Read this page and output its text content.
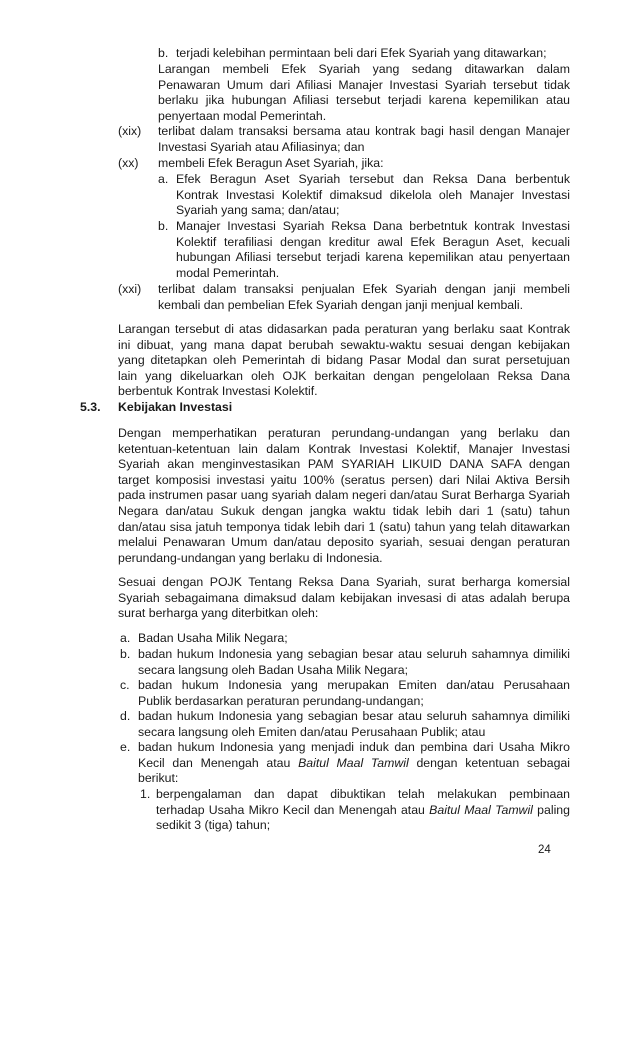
b. terjadi kelebihan permintaan beli dari Efek Syariah yang ditawarkan;
Larangan membeli Efek Syariah yang sedang ditawarkan dalam
Penawaran Umum dari Afiliasi Manajer Investasi Syariah tersebut tidak
berlaku jika hubungan Afiliasi tersebut terjadi karena kepemilikan atau
penyertaan modal Pemerintah.
(xix) terlibat dalam transaksi bersama atau kontrak bagi hasil dengan Manajer
Investasi Syariah atau Afiliasinya; dan
(xx) membeli Efek Beragun Aset Syariah, jika:
a. Efek Beragun Aset Syariah tersebut dan Reksa Dana berbentuk
Kontrak Investasi Kolektif dimaksud dikelola oleh Manajer Investasi
Syariah yang sama; dan/atau;
b. Manajer Investasi Syariah Reksa Dana berbetntuk kontrak Investasi
Kolektif terafiliasi dengan kreditur awal Efek Beragun Aset, kecuali
hubungan Afiliasi tersebut terjadi karena kepemilikan atau penyertaan
modal Pemerintah.
(xxi) terlibat dalam transaksi penjualan Efek Syariah dengan janji membeli
kembali dan pembelian Efek Syariah dengan janji menjual kembali.
Larangan tersebut di atas didasarkan pada peraturan yang berlaku saat Kontrak
ini dibuat, yang mana dapat berubah sewaktu-waktu sesuai dengan kebijakan
yang ditetapkan oleh Pemerintah di bidang Pasar Modal dan surat persetujuan
lain yang dikeluarkan oleh OJK berkaitan dengan pengelolaan Reksa Dana
berbentuk Kontrak Investasi Kolektif.
5.3. Kebijakan Investasi
Dengan memperhatikan peraturan perundang-undangan yang berlaku dan
ketentuan-ketentuan lain dalam Kontrak Investasi Kolektif, Manajer Investasi
Syariah akan menginvestasikan PAM SYARIAH LIKUID DANA SAFA dengan
target komposisi investasi yaitu 100% (seratus persen) dari Nilai Aktiva Bersih
pada instrumen pasar uang syariah dalam negeri dan/atau Surat Berharga Syariah
Negara dan/atau Sukuk dengan jangka waktu tidak lebih dari 1 (satu) tahun
dan/atau sisa jatuh temponya tidak lebih dari 1 (satu) tahun yang telah ditawarkan
melalui Penawaran Umum dan/atau deposito syariah, sesuai dengan peraturan
perundang-undangan yang berlaku di Indonesia.
Sesuai dengan POJK Tentang Reksa Dana Syariah, surat berharga komersial
Syariah sebagaimana dimaksud dalam kebijakan invesasi di atas adalah berupa
surat berharga yang diterbitkan oleh:
a. Badan Usaha Milik Negara;
b. badan hukum Indonesia yang sebagian besar atau seluruh sahamnya dimiliki
secara langsung oleh Badan Usaha Milik Negara;
c. badan hukum Indonesia yang merupakan Emiten dan/atau Perusahaan
Publik berdasarkan peraturan perundang-undangan;
d. badan hukum Indonesia yang sebagian besar atau seluruh sahamnya dimiliki
secara langsung oleh Emiten dan/atau Perusahaan Publik; atau
e. badan hukum Indonesia yang menjadi induk dan pembina dari Usaha Mikro
Kecil dan Menengah atau Baitul Maal Tamwil dengan ketentuan sebagai
berikut:
1. berpengalaman dan dapat dibuktikan telah melakukan pembinaan
terhadap Usaha Mikro Kecil dan Menengah atau Baitul Maal Tamwil paling
sedikit 3 (tiga) tahun;
24
